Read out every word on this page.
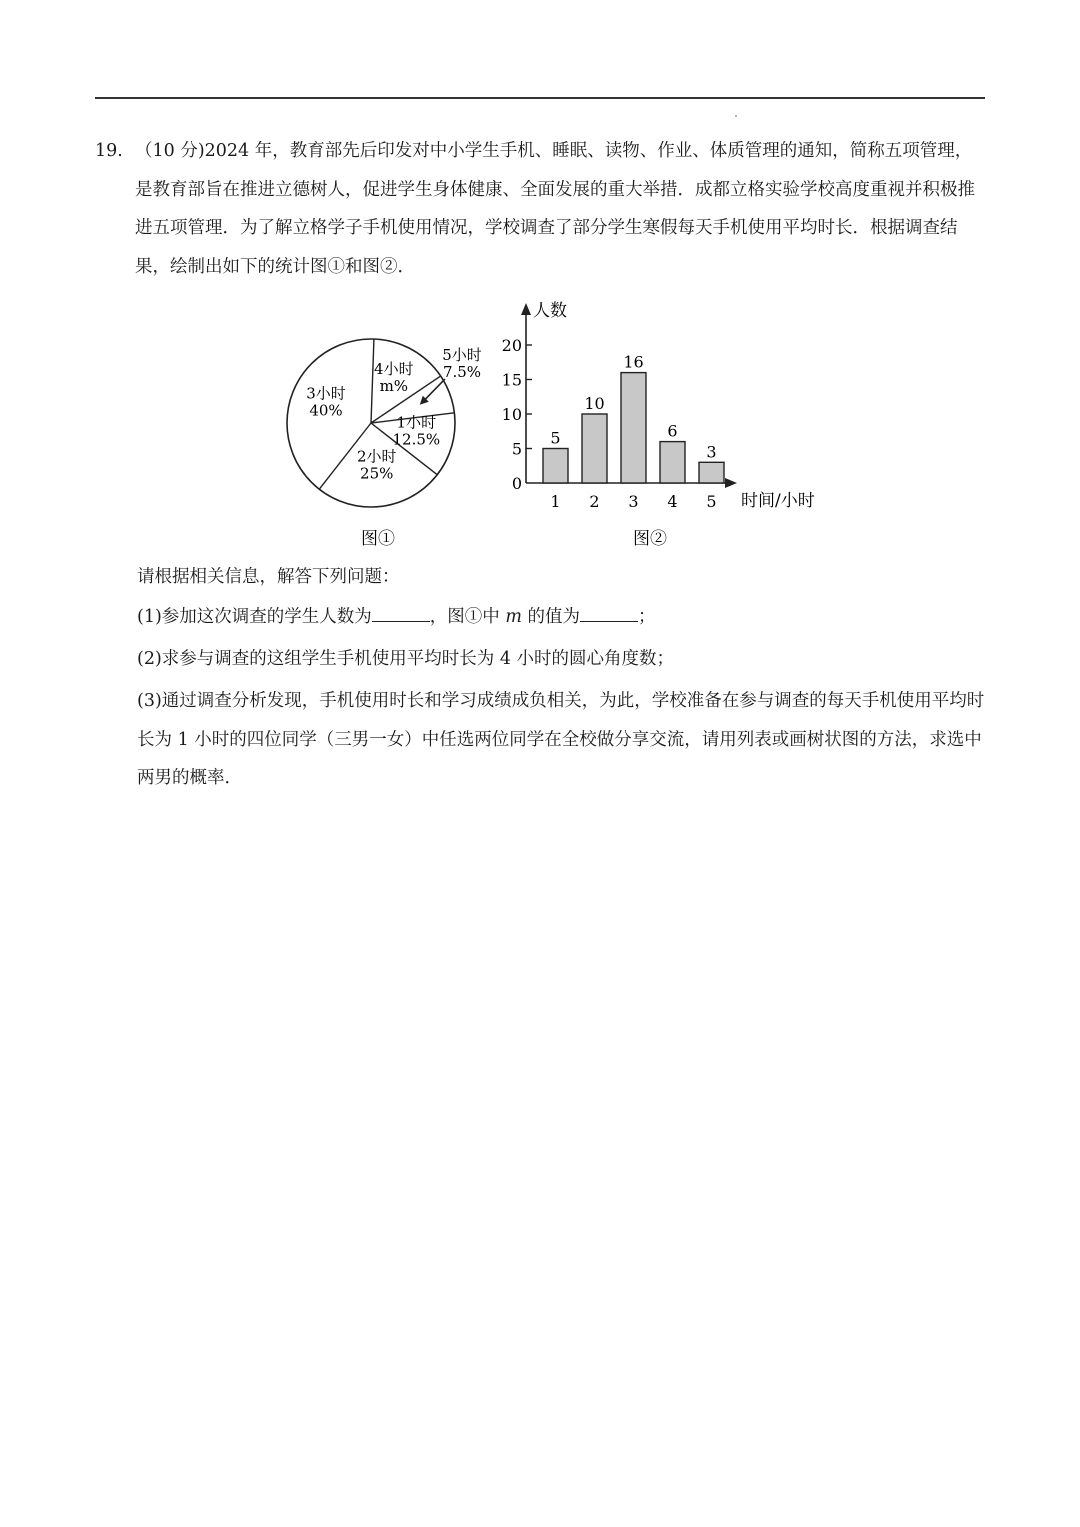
19. （10 分)2024 年，教育部先后印发对中小学生手机、睡眠、读物、作业、体质管理的通知，简称五项管理，是教育部旨在推进立德树人，促进学生身体健康、全面发展的重大举措．成都立格实验学校高度重视并积极推进五项管理．为了解立格学子手机使用情况，学校调查了部分学生寒假每天手机使用平均时长．根据调查结果，绘制出如下的统计图①和图②．
5小时
7.5%
1小时
12.5%
2小时
25%
3小时
40%
4小时
m%
图①
0
5
10
15
20
5
1
10
2
16
3
6
4
3
5
人数
时间/小时
图②
请根据相关信息，解答下列问题：
(1)参加这次调查的学生人数为	，图①中 m 的值为	；
(2)求参与调查的这组学生手机使用平均时长为 4 小时的圆心角度数；
(3)通过调查分析发现，手机使用时长和学习成绩成负相关，为此，学校准备在参与调查的每天手机使用平均时长为 1 小时的四位同学（三男一女）中任选两位同学在全校做分享交流，请用列表或画树状图的方法，求选中两男的概率．
